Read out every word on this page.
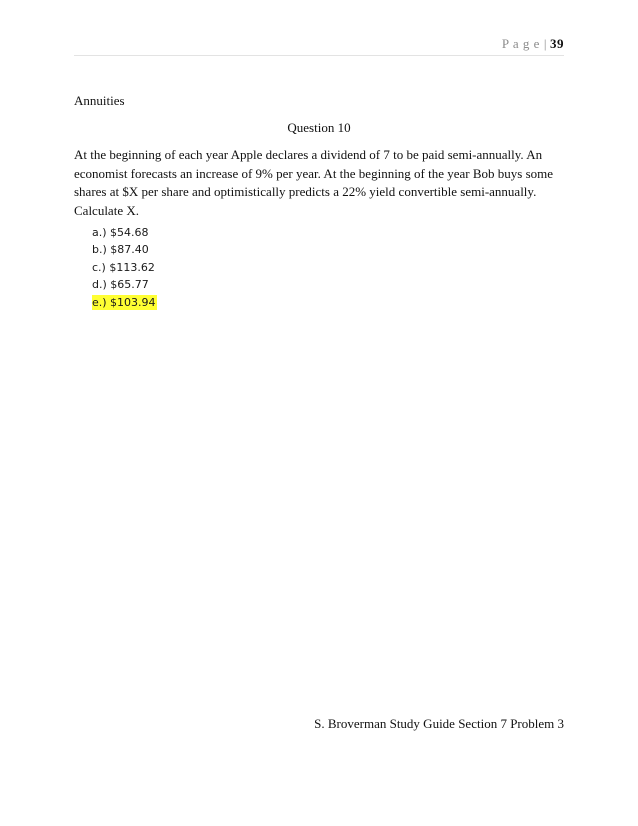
P a g e | 39
Annuities
Question 10
At the beginning of each year Apple declares a dividend of 7 to be paid semi-annually. An economist forecasts an increase of 9% per year. At the beginning of the year Bob buys some shares at $X per share and optimistically predicts a 22% yield convertible semi-annually. Calculate X.
a.) $54.68
b.) $87.40
c.) $113.62
d.) $65.77
e.) $103.94
S. Broverman Study Guide Section 7 Problem 3
